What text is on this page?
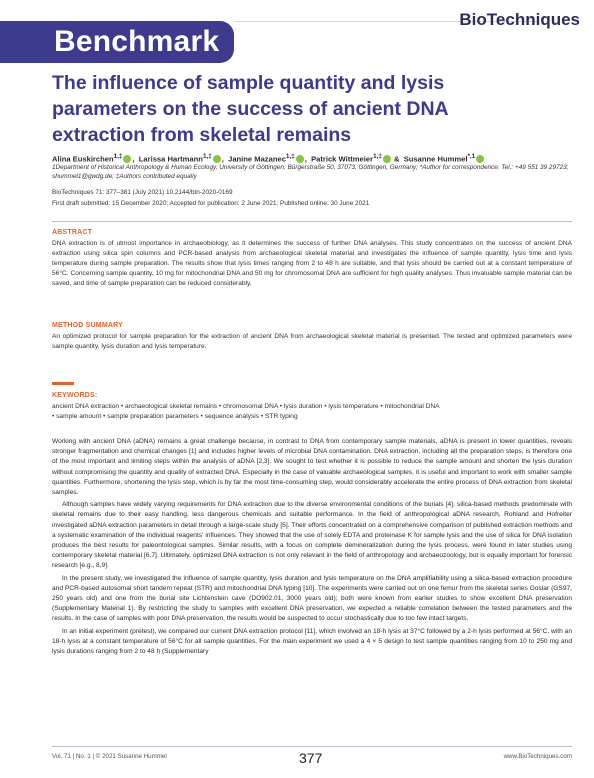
Benchmark
BioTechniques
The influence of sample quantity and lysis parameters on the success of ancient DNA extraction from skeletal remains
Alina Euskirchen$^{1,\ddagger}$ ,  Larissa Hartmann$^{1,\ddagger}$ ,  Janine Mazanec$^{1,\ddagger}$ ,  Patrick Wittmeier$^{1,\ddagger}$ &  Susanne Hummel$^{*,1}$
1Department of Historical Anthropology & Human Ecology, University of Göttingen, Bürgerstraße 50, 37073, Göttingen, Germany; *Author for correspondence: Tel.: +49 551 39 29723; shummel1@gwdg.de; ‡Authors contributed equally
BioTechniques 71: 377–381 (July 2021) 10.2144/btn-2020-0169
First draft submitted: 15 December 2020; Accepted for publication: 2 June 2021; Published online: 30 June 2021
ABSTRACT
DNA extraction is of utmost importance in archaeobiology, as it determines the success of further DNA analyses. This study concentrates on the success of ancient DNA extraction using silica spin columns and PCR-based analysis from archaeological skeletal material and investigates the influence of sample quantity, lysis time and lysis temperature during sample preparation. The results show that lysis times ranging from 2 to 48 h are suitable, and that lysis should be carried out at a constant temperature of 56°C. Concerning sample quantity, 10 mg for mitochondrial DNA and 50 mg for chromosomal DNA are sufficient for high quality analyses. Thus invaluable sample material can be saved, and time of sample preparation can be reduced considerably.
METHOD SUMMARY
An optimized protocol for sample preparation for the extraction of ancient DNA from archaeological skeletal material is presented. The tested and optimized parameters were sample quantity, lysis duration and lysis temperature.
KEYWORDS:
ancient DNA extraction • archaeological skeletal remains • chromosomal DNA • lysis duration • lysis temperature • mitochondrial DNA
• sample amount • sample preparation parameters • sequence analysis • STR typing

Working with ancient DNA (aDNA) remains a great challenge because, in contrast to DNA from contemporary sample materials, aDNA is present in lower quantities, reveals stronger fragmentation and chemical changes [1] and includes higher levels of microbial DNA contamination. DNA extraction, including all the preparation steps, is therefore one of the most important and limiting steps within the analysis of aDNA [2,3]. We sought to test whether it is possible to reduce the sample amount and shorten the lysis duration without compromising the quantity and quality of extracted DNA. Especially in the case of valuable archaeological samples, it is useful and important to work with smaller sample quantities. Furthermore, shortening the lysis step, which is by far the most time-consuming step, would considerably accelerate the entire process of DNA extraction from skeletal samples.

Although samples have widely varying requirements for DNA extraction due to the diverse environmental conditions of the burials [4], silica-based methods predominate with skeletal remains due to their easy handling, less dangerous chemicals and suitable performance. In the field of anthropological aDNA research, Rohland and Hofreiter investigated aDNA extraction parameters in detail through a large-scale study [5]. Their efforts concentrated on a comprehensive comparison of published extraction methods and a systematic examination of the individual reagents' influences. They showed that the use of solely EDTA and proteinase K for sample lysis and the use of silica for DNA isolation produces the best results for paleontological samples. Similar results, with a focus on complete demineralization during the lysis process, were found in later studies using contemporary skeletal material [6,7]. Ultimately, optimized DNA extraction is not only relevant in the field of anthropology and archaeozoology, but is equally important for forensic research [e.g., 8,9].

In the present study, we investigated the influence of sample quantity, lysis duration and lysis temperature on the DNA amplifiability using a silica-based extraction procedure and PCR-based autosomal short tandem repeat (STR) and mitochondrial DNA typing [10]. The experiments were carried out on one femur from the skeletal series Goslar (GS97, 250 years old) and one from the burial site Lichtenstein cave (DO902.01, 3000 years old); both were known from earlier studies to show excellent DNA preservation (Supplementary Material 1). By restricting the study to samples with excellent DNA preservation, we expected a reliable correlation between the tested parameters and the results. In the case of samples with poor DNA preservation, the results would be suspected to occur stochastically due to too few intact targets.

In an initial experiment (pretest), we compared our current DNA extraction protocol [11], which involved an 18-h lysis at 37°C followed by a 2-h lysis performed at 56°C, with an 18-h lysis at a constant temperature of 56°C for all sample quantities. For the main experiment we used a 4 × 5 design to test sample quantities ranging from 10 to 250 mg and lysis durations ranging from 2 to 48 h (Supplementary

Vol. 71 | No. 1 | © 2021 Susanne Hummel	377	www.BioTechniques.com
